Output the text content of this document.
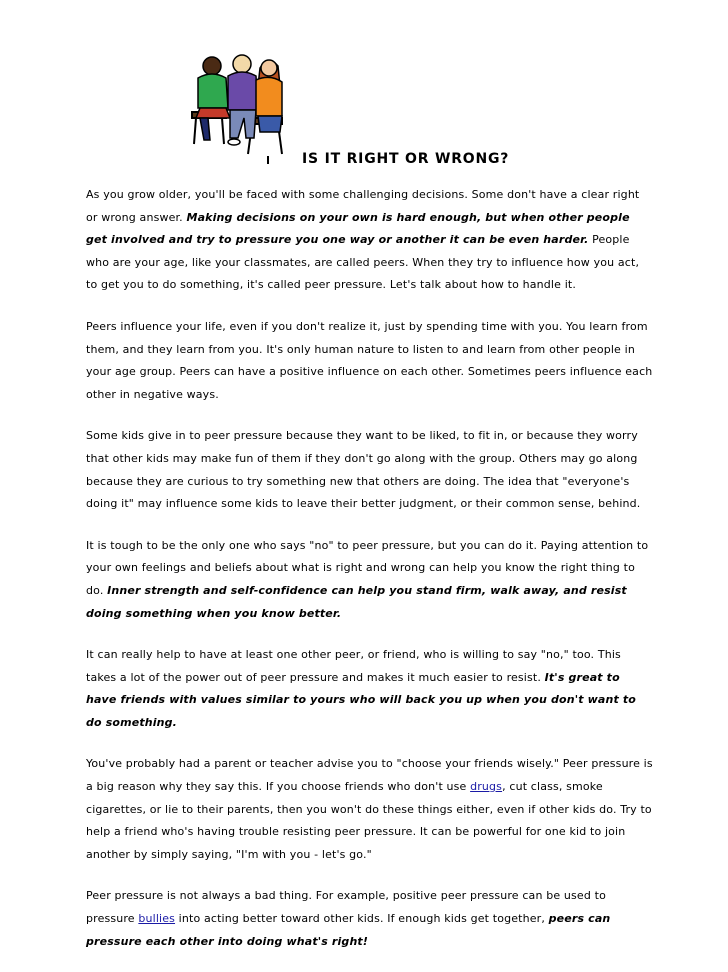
IS IT RIGHT OR WRONG?

As you grow older, you'll be faced with some challenging decisions. Some don't have a clear right or wrong answer. Making decisions on your own is hard enough, but when other people get involved and try to pressure you one way or another it can be even harder. People who are your age, like your classmates, are called peers. When they try to influence how you act, to get you to do something, it's called peer pressure. Let's talk about how to handle it.

Peers influence your life, even if you don't realize it, just by spending time with you. You learn from them, and they learn from you. It's only human nature to listen to and learn from other people in your age group. Peers can have a positive influence on each other. Sometimes peers influence each other in negative ways.

Some kids give in to peer pressure because they want to be liked, to fit in, or because they worry that other kids may make fun of them if they don't go along with the group. Others may go along because they are curious to try something new that others are doing. The idea that "everyone's doing it" may influence some kids to leave their better judgment, or their common sense, behind.

It is tough to be the only one who says "no" to peer pressure, but you can do it. Paying attention to your own feelings and beliefs about what is right and wrong can help you know the right thing to do. Inner strength and self-confidence can help you stand firm, walk away, and resist doing something when you know better.

It can really help to have at least one other peer, or friend, who is willing to say "no," too. This takes a lot of the power out of peer pressure and makes it much easier to resist. It's great to have friends with values similar to yours who will back you up when you don't want to do something.

You've probably had a parent or teacher advise you to "choose your friends wisely." Peer pressure is a big reason why they say this. If you choose friends who don't use drugs, cut class, smoke cigarettes, or lie to their parents, then you won't do these things either, even if other kids do. Try to help a friend who's having trouble resisting peer pressure. It can be powerful for one kid to join another by simply saying, "I'm with you - let's go."

Peer pressure is not always a bad thing. For example, positive peer pressure can be used to pressure bullies into acting better toward other kids. If enough kids get together, peers can pressure each other into doing what's right!
